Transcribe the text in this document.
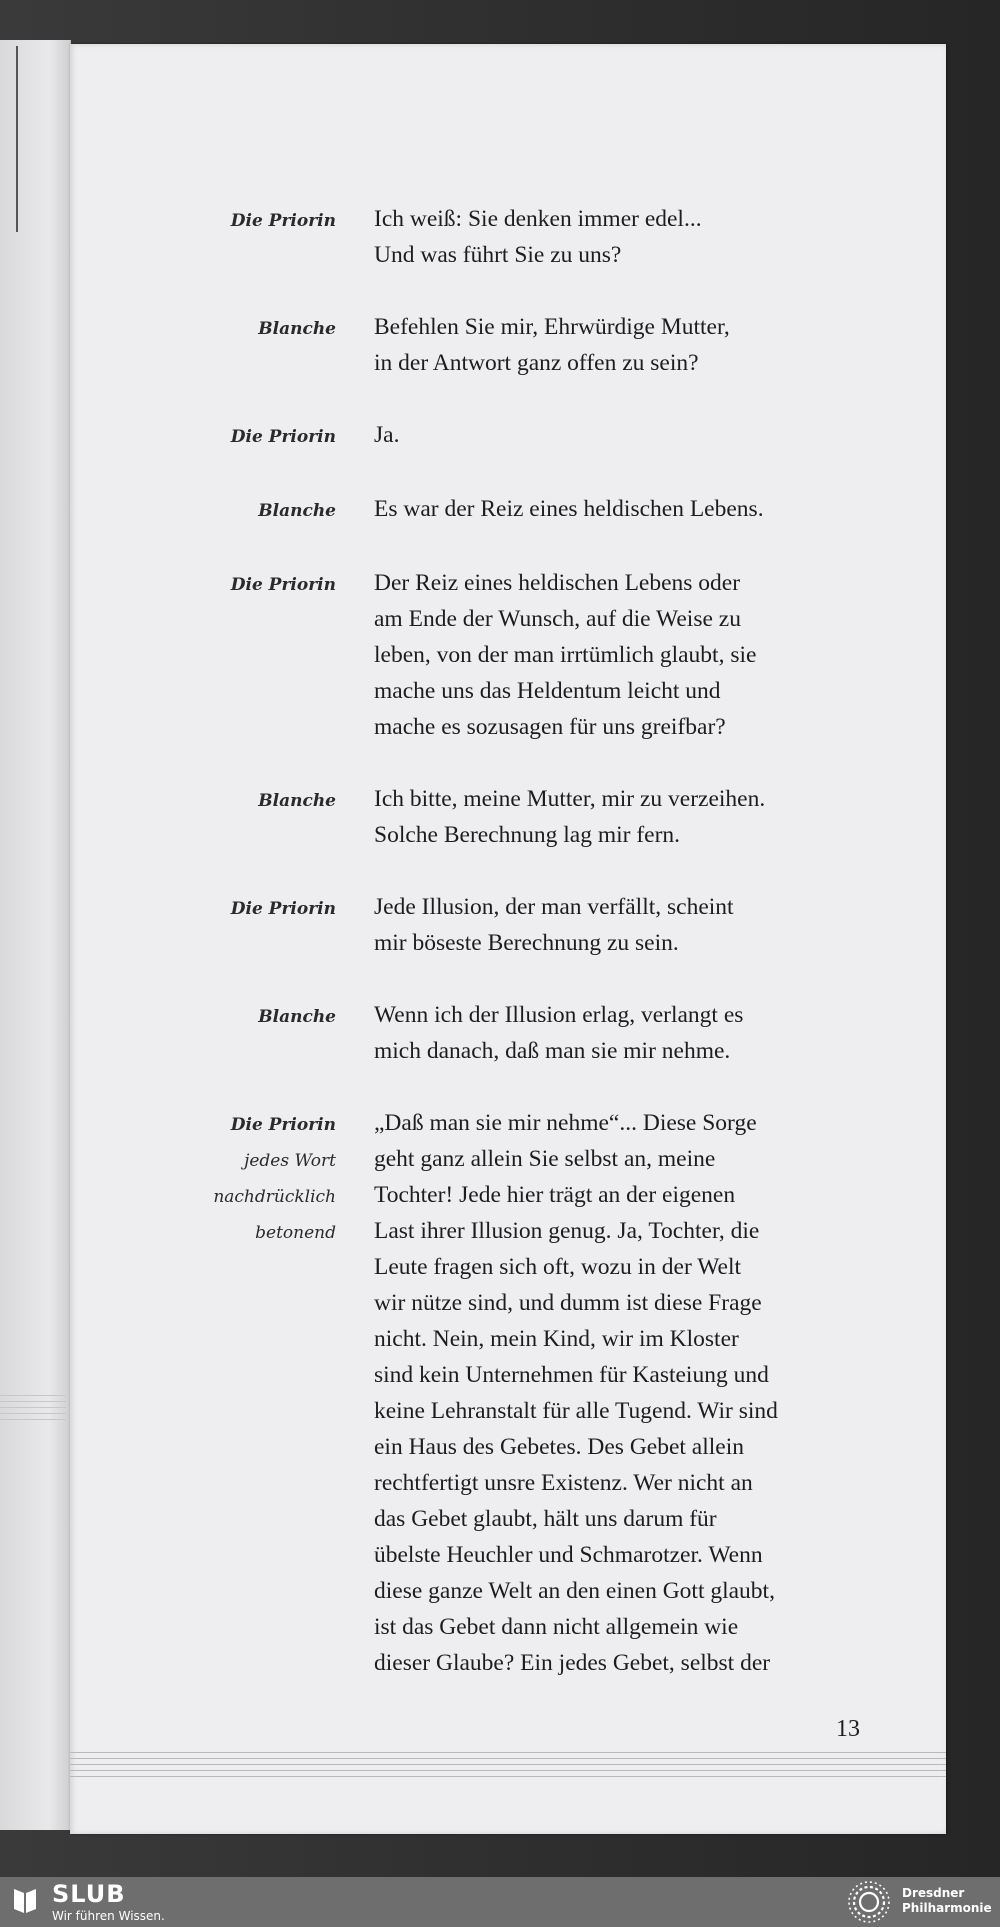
Die Priorin Ich weiß: Sie denken immer edel...
Und was führt Sie zu uns?
Blanche Befehlen Sie mir, Ehrwürdige Mutter,
in der Antwort ganz offen zu sein?
Die Priorin Ja.
Blanche Es war der Reiz eines heldischen Lebens.
Die Priorin Der Reiz eines heldischen Lebens oder
am Ende der Wunsch, auf die Weise zu
leben, von der man irrtümlich glaubt, sie
mache uns das Heldentum leicht und
mache es sozusagen für uns greifbar?
Blanche Ich bitte, meine Mutter, mir zu verzeihen.
Solche Berechnung lag mir fern.
Die Priorin Jede Illusion, der man verfällt, scheint
mir böseste Berechnung zu sein.
Blanche Wenn ich der Illusion erlag, verlangt es
mich danach, daß man sie mir nehme.
Die Priorin
jedes Wort
nachdrücklich
betonend
„Daß man sie mir nehme“... Diese Sorge
geht ganz allein Sie selbst an, meine
Tochter! Jede hier trägt an der eigenen
Last ihrer Illusion genug. Ja, Tochter, die
Leute fragen sich oft, wozu in der Welt
wir nütze sind, und dumm ist diese Frage
nicht. Nein, mein Kind, wir im Kloster
sind kein Unternehmen für Kasteiung und
keine Lehranstalt für alle Tugend. Wir sind
ein Haus des Gebetes. Des Gebet allein
rechtfertigt unsre Existenz. Wer nicht an
das Gebet glaubt, hält uns darum für
übelste Heuchler und Schmarotzer. Wenn
diese ganze Welt an den einen Gott glaubt,
ist das Gebet dann nicht allgemein wie
dieser Glaube? Ein jedes Gebet, selbst der
13
SLUB
Wir führen Wissen.
Dresdner
Philharmonie
